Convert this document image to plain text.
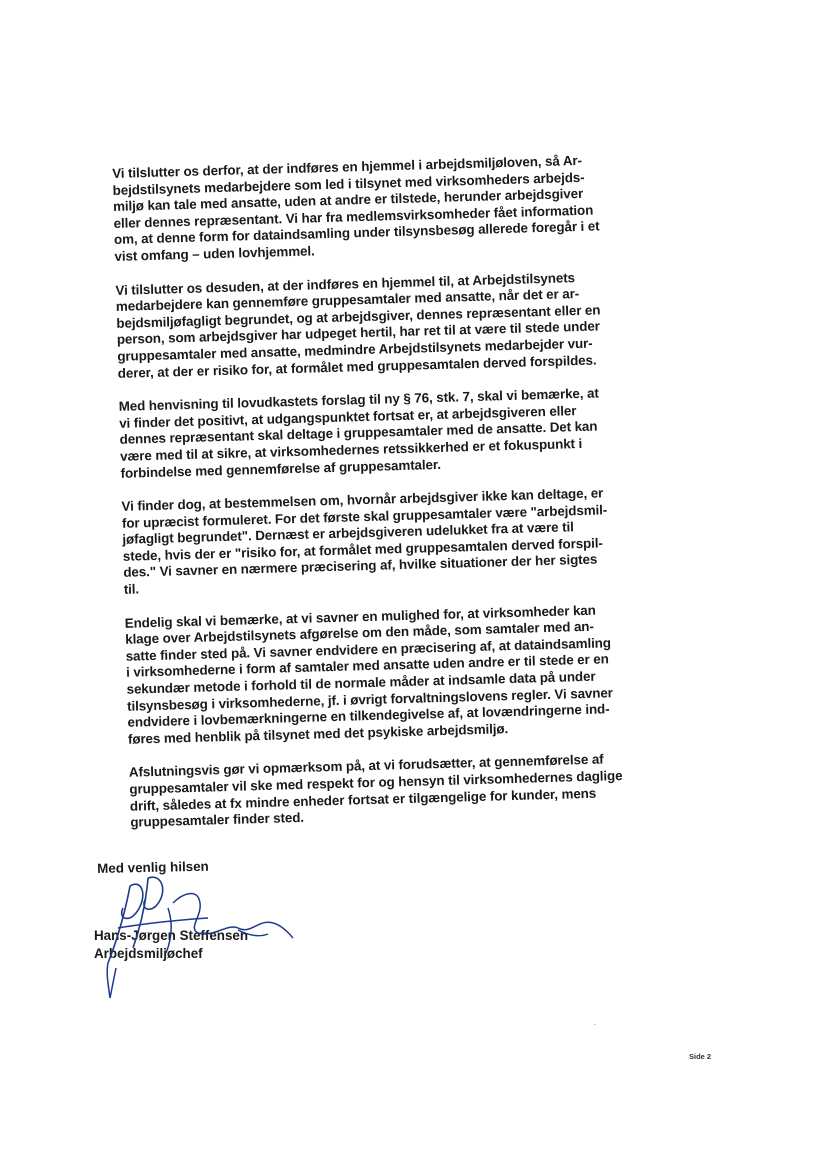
Vi tilslutter os derfor, at der indføres en hjemmel i arbejdsmiljøloven, så Ar-
bejdstilsynets medarbejdere som led i tilsynet med virksomheders arbejds-
miljø kan tale med ansatte, uden at andre er tilstede, herunder arbejdsgiver
eller dennes repræsentant. Vi har fra medlemsvirksomheder fået information
om, at denne form for dataindsamling under tilsynsbesøg allerede foregår i et
vist omfang – uden lovhjemmel.

Vi tilslutter os desuden, at der indføres en hjemmel til, at Arbejdstilsynets
medarbejdere kan gennemføre gruppesamtaler med ansatte, når det er ar-
bejdsmiljøfagligt begrundet, og at arbejdsgiver, dennes repræsentant eller en
person, som arbejdsgiver har udpeget hertil, har ret til at være til stede under
gruppesamtaler med ansatte, medmindre Arbejdstilsynets medarbejder vur-
derer, at der er risiko for, at formålet med gruppesamtalen derved forspildes.

Med henvisning til lovudkastets forslag til ny § 76, stk. 7, skal vi bemærke, at
vi finder det positivt, at udgangspunktet fortsat er, at arbejdsgiveren eller
dennes repræsentant skal deltage i gruppesamtaler med de ansatte. Det kan
være med til at sikre, at virksomhedernes retssikkerhed er et fokuspunkt i
forbindelse med gennemførelse af gruppesamtaler.

Vi finder dog, at bestemmelsen om, hvornår arbejdsgiver ikke kan deltage, er
for upræcist formuleret. For det første skal gruppesamtaler være "arbejdsmil-
jøfagligt begrundet". Dernæst er arbejdsgiveren udelukket fra at være til
stede, hvis der er "risiko for, at formålet med gruppesamtalen derved forspil-
des." Vi savner en nærmere præcisering af, hvilke situationer der her sigtes
til.

Endelig skal vi bemærke, at vi savner en mulighed for, at virksomheder kan
klage over Arbejdstilsynets afgørelse om den måde, som samtaler med an-
satte finder sted på. Vi savner endvidere en præcisering af, at dataindsamling
i virksomhederne i form af samtaler med ansatte uden andre er til stede er en
sekundær metode i forhold til de normale måder at indsamle data på under
tilsynsbesøg i virksomhederne, jf. i øvrigt forvaltningslovens regler. Vi savner
endvidere i lovbemærkningerne en tilkendegivelse af, at lovændringerne ind-
føres med henblik på tilsynet med det psykiske arbejdsmiljø.

Afslutningsvis gør vi opmærksom på, at vi forudsætter, at gennemførelse af
gruppesamtaler vil ske med respekt for og hensyn til virksomhedernes daglige
drift, således at fx mindre enheder fortsat er tilgængelige for kunder, mens
gruppesamtaler finder sted.

Med venlig hilsen
Hans-Jørgen Steffensen
Arbejdsmiljøchef
Side 2
